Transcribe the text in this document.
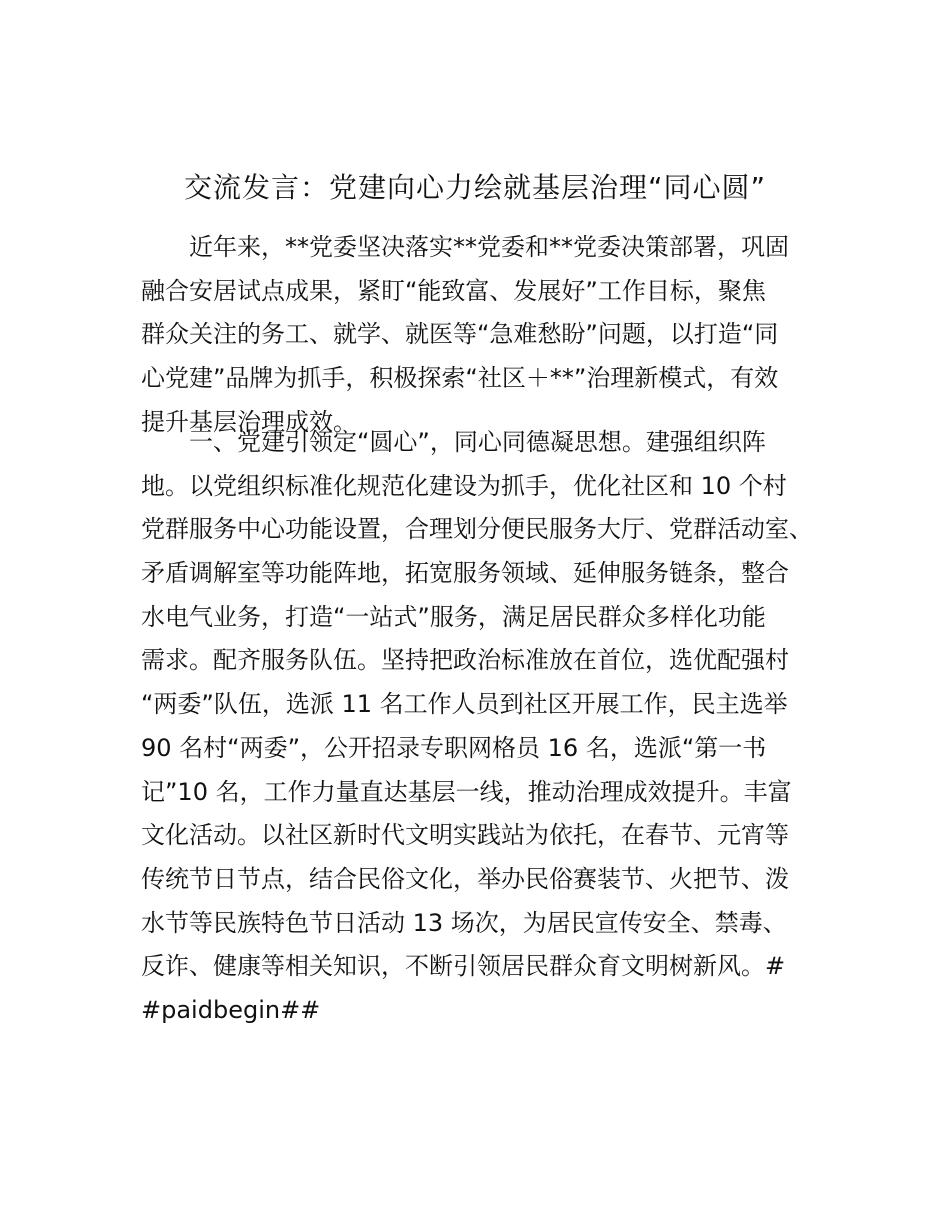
交流发言：党建向心力绘就基层治理“同心圆”
近年来，**党委坚决落实**党委和**党委决策部署，巩固
融合安居试点成果，紧盯“能致富、发展好”工作目标，聚焦
群众关注的务工、就学、就医等“急难愁盼”问题，以打造“同
心党建”品牌为抓手，积极探索“社区＋**”治理新模式，有效
提升基层治理成效。
一、党建引领定“圆心”，同心同德凝思想。建强组织阵
地。以党组织标准化规范化建设为抓手，优化社区和 10 个村
党群服务中心功能设置，合理划分便民服务大厅、党群活动室、
矛盾调解室等功能阵地，拓宽服务领域、延伸服务链条，整合
水电气业务，打造“一站式”服务，满足居民群众多样化功能
需求。配齐服务队伍。坚持把政治标准放在首位，选优配强村
“两委”队伍，选派 11 名工作人员到社区开展工作，民主选举
90 名村“两委”，公开招录专职网格员 16 名，选派“第一书
记”10 名，工作力量直达基层一线，推动治理成效提升。丰富
文化活动。以社区新时代文明实践站为依托，在春节、元宵等
传统节日节点，结合民俗文化，举办民俗赛装节、火把节、泼
水节等民族特色节日活动 13 场次，为居民宣传安全、禁毒、
反诈、健康等相关知识，不断引领居民群众育文明树新风。#
#paidbegin##
